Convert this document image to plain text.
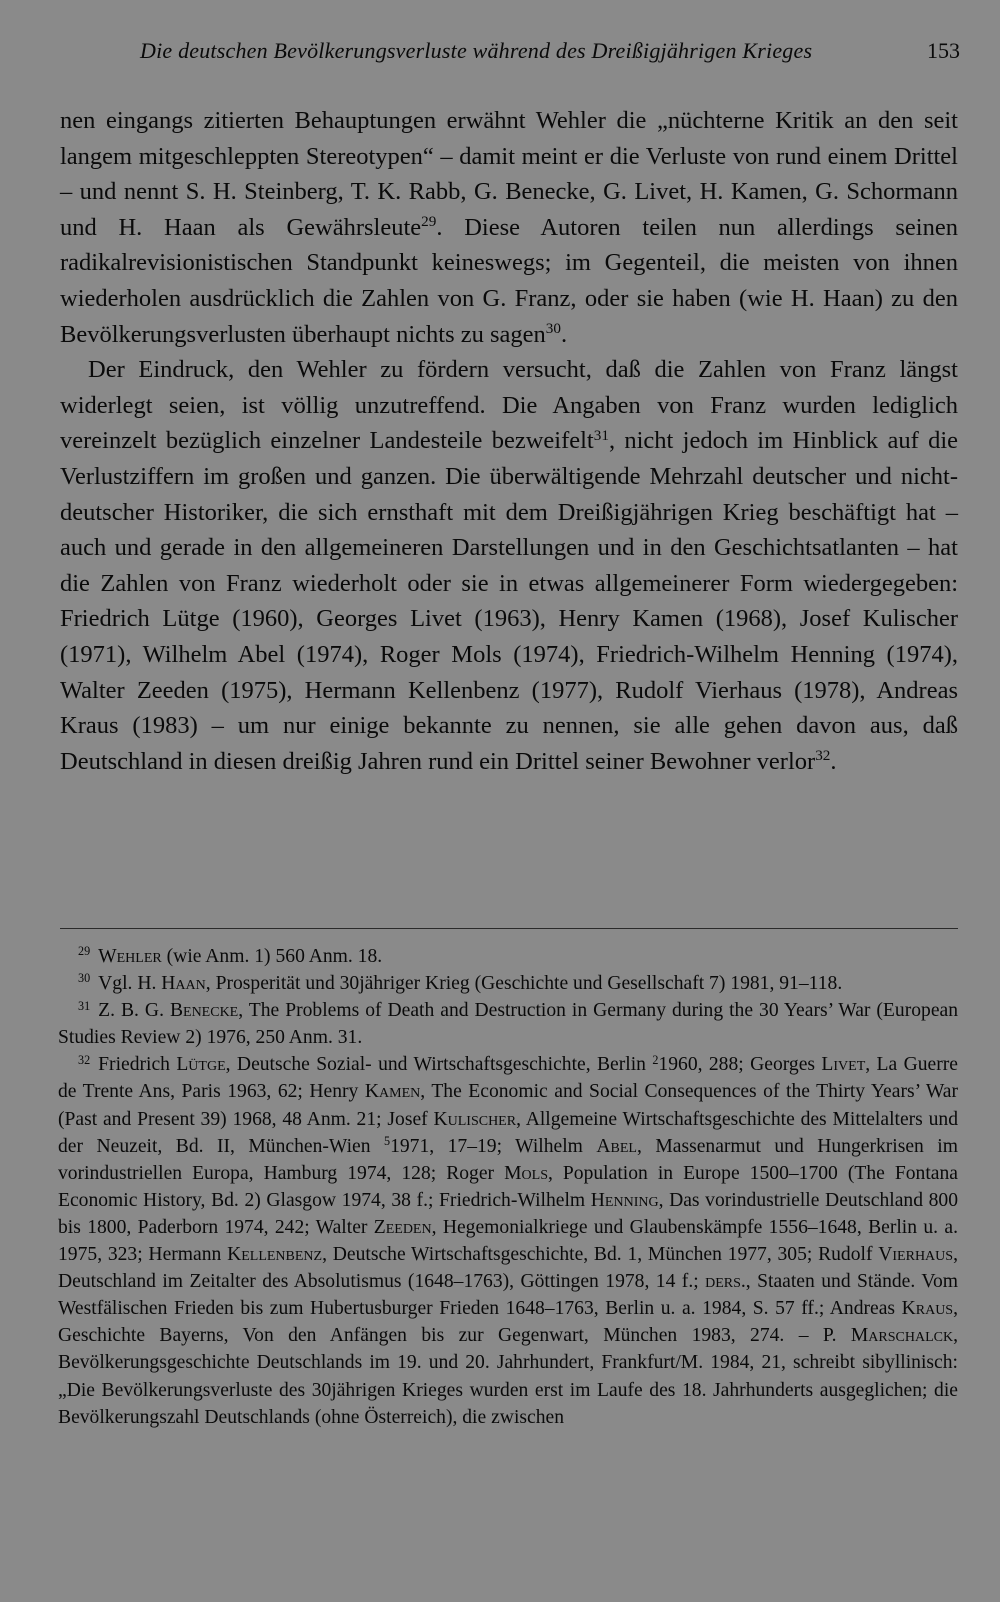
Die deutschen Bevölkerungsverluste während des Dreißigjährigen Krieges	153

nen eingangs zitierten Behauptungen erwähnt Wehler die „nüchterne Kritik an den seit langem mitgeschleppten Stereotypen“ – damit meint er die Verluste von rund einem Drittel – und nennt S. H. Steinberg, T. K. Rabb, G. Benecke, G. Livet, H. Kamen, G. Schormann und H. Haan als Gewährsleute$^{29}$. Diese Autoren teilen nun allerdings seinen radikalrevisionistischen Standpunkt keineswegs; im Gegenteil, die meisten von ihnen wiederholen ausdrücklich die Zahlen von G. Franz, oder sie haben (wie H. Haan) zu den Bevölkerungsverlusten überhaupt nichts zu sagen$^{30}$.

Der Eindruck, den Wehler zu fördern versucht, daß die Zahlen von Franz längst widerlegt seien, ist völlig unzutreffend. Die Angaben von Franz wurden lediglich vereinzelt bezüglich einzelner Landesteile bezweifelt$^{31}$, nicht jedoch im Hinblick auf die Verlustziffern im großen und ganzen. Die überwältigende Mehrzahl deutscher und nicht-deutscher Historiker, die sich ernsthaft mit dem Dreißigjährigen Krieg beschäftigt hat – auch und gerade in den allgemeineren Darstellungen und in den Geschichtsatlanten – hat die Zahlen von Franz wiederholt oder sie in etwas allgemeinerer Form wiedergegeben: Friedrich Lütge (1960), Georges Livet (1963), Henry Kamen (1968), Josef Kulischer (1971), Wilhelm Abel (1974), Roger Mols (1974), Friedrich-Wilhelm Henning (1974), Walter Zeeden (1975), Hermann Kellenbenz (1977), Rudolf Vierhaus (1978), Andreas Kraus (1983) – um nur einige bekannte zu nennen, sie alle gehen davon aus, daß Deutschland in diesen dreißig Jahren rund ein Drittel seiner Bewohner verlor$^{32}$.

$^{29}$ Wehler (wie Anm. 1) 560 Anm. 18.

$^{30}$ Vgl. H. Haan, Prosperität und 30jähriger Krieg (Geschichte und Gesellschaft 7) 1981, 91–118.

$^{31}$ Z. B. G. Benecke, The Problems of Death and Destruction in Germany during the 30 Years’ War (European Studies Review 2) 1976, 250 Anm. 31.

$^{32}$ Friedrich Lütge, Deutsche Sozial- und Wirtschaftsgeschichte, Berlin $^2$1960, 288; Georges Livet, La Guerre de Trente Ans, Paris 1963, 62; Henry Kamen, The Economic and Social Consequences of the Thirty Years’ War (Past and Present 39) 1968, 48 Anm. 21; Josef Kulischer, Allgemeine Wirtschaftsgeschichte des Mittelalters und der Neuzeit, Bd. II, München-Wien $^5$1971, 17–19; Wilhelm Abel, Massenarmut und Hungerkrisen im vorindustriellen Europa, Hamburg 1974, 128; Roger Mols, Population in Europe 1500–1700 (The Fontana Economic History, Bd. 2) Glasgow 1974, 38 f.; Friedrich-Wilhelm Henning, Das vorindustrielle Deutschland 800 bis 1800, Paderborn 1974, 242; Walter Zeeden, Hegemonialkriege und Glaubenskämpfe 1556–1648, Berlin u. a. 1975, 323; Hermann Kellenbenz, Deutsche Wirtschaftsgeschichte, Bd. 1, München 1977, 305; Rudolf Vierhaus, Deutschland im Zeitalter des Absolutismus (1648–1763), Göttingen 1978, 14 f.; ders., Staaten und Stände. Vom Westfälischen Frieden bis zum Hubertusburger Frieden 1648–1763, Berlin u. a. 1984, S. 57 ff.; Andreas Kraus, Geschichte Bayerns, Von den Anfängen bis zur Gegenwart, München 1983, 274. – P. Marschalck, Bevölkerungsgeschichte Deutschlands im 19. und 20. Jahrhundert, Frankfurt/M. 1984, 21, schreibt sibyllinisch: „Die Bevölkerungsverluste des 30jährigen Krieges wurden erst im Laufe des 18. Jahrhunderts ausgeglichen; die Bevölkerungszahl Deutschlands (ohne Österreich), die zwischen
